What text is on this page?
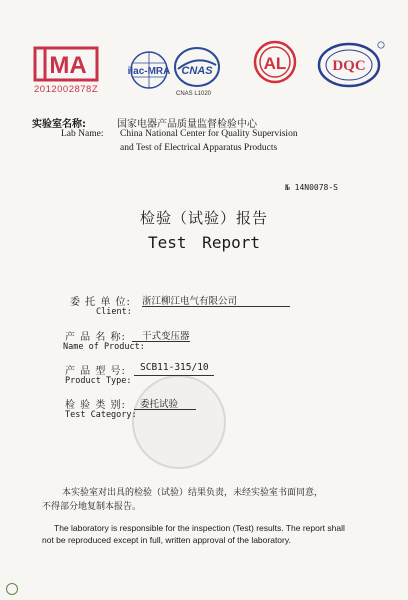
MA
2012002878Z
ilac-MRA CNAS
CNAS L1020
AL	DQC
实验室名称:	国家电器产品质量监督检验中心
Lab Name: China National Center for Quality Supervision
and Test of Electrical Apparatus Products
№ 14N0078-S
检验（试验）报告
Test Report
委 托 单 位: 浙江柳江电气有限公司
Client:
产 品 名 称: 干式变压器
Name of Product:
产 品 型 号: SCB11-315/10
Product Type:
检 验 类 别: 委托试验
Test Category:
本实验室对出具的检验（试验）结果负责，未经实验室书面同意，
不得部分地复制本报告。
The laboratory is responsible for the inspection (Test) results. The report shall
not be reproduced except in full, written approval of the laboratory.
